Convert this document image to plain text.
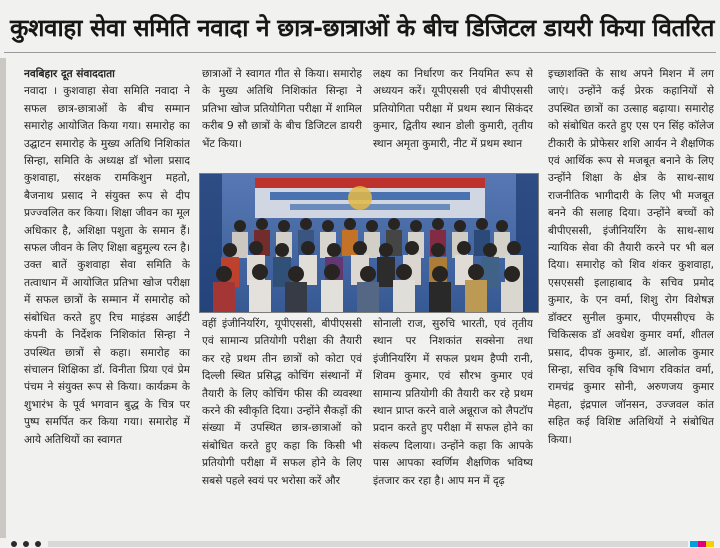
कुशवाहा सेवा समिति नवादा ने छात्र-छात्राओं के बीच डिजिटल डायरी किया वितरित

नवबिहार दूत संवाददाता

नवादा । कुशवाहा सेवा समिति नवादा ने सफल छात्र-छात्राओं के बीच सम्मान समारोह आयोजित किया गया। समारोह का उद्घाटन समारोह के मुख्य अतिथि निशिकांत सिन्हा, समिति के अध्यक्ष डॉ भोला प्रसाद कुशवाहा, संरक्षक रामकिशुन महतो, बैजनाथ प्रसाद ने संयुक्त रूप से दीप प्रज्ज्वलित कर किया। शिक्षा जीवन का मूल अधिकार है, अशिक्षा पशुता के समान हैं। सफल जीवन के लिए शिक्षा बहुमूल्य रत्न है। उक्त बातें कुशवाहा सेवा समिति के तत्वाधान में आयोजित प्रतिभा खोज परीक्षा में सफल छात्रों के सम्मान में समारोह को संबोधित करते हुए रिच माइंडस आईटी कंपनी के निर्देशक निशिकांत सिन्हा ने उपस्थित छात्रों से कहा। समारोह का संचालन शिक्षिका डॉ. विनीता प्रिया एवं प्रेम पंचम ने संयुक्त रूप से किया। कार्यक्रम के शुभारंभ के पूर्व भगवान बुद्ध के चित्र पर पुष्प समर्पित कर किया गया। समारोह में आये अतिथियों का स्वागत

छात्राओं ने स्वागत गीत से किया। समारोह के मुख्य अतिथि निशिकांत सिन्हा ने प्रतिभा खोज प्रतियोगिता परीक्षा में शामिल करीब 9 सौ छात्रों के बीच डिजिटल डायरी भेंट किया।

लक्ष्य का निर्धारण कर नियमित रूप से अध्ययन करें। यूपीएससी एवं बीपीएससी प्रतियोगिता परीक्षा में प्रथम स्थान सिकंदर कुमार, द्वितीय स्थान डोली कुमारी, तृतीय स्थान अमृता कुमारी, नीट में प्रथम स्थान

वहीं इंजीनियरिंग, यूपीएससी, बीपीएससी एवं सामान्य प्रतियोगी परीक्षा की तैयारी कर रहे प्रथम तीन छात्रों को कोटा एवं दिल्ली स्थित प्रसिद्ध कोचिंग संस्थानों में तैयारी के लिए कोचिंग फीस की व्यवस्था करने की स्वीकृति दिया। उन्होंने सैकड़ों की संख्या में उपस्थित छात्र-छात्राओं को संबोधित करते हुए कहा कि किसी भी प्रतियोगी परीक्षा में सफल होने के लिए सबसे पहले स्वयं पर भरोसा करें और

सोनाली राज, सुरुचि भारती, एवं तृतीय स्थान पर निशकांत सक्सेना तथा इंजीनियरिंग में सफल प्रथम हैप्पी रानी, शिवम कुमार, एवं सौरभ कुमार एवं सामान्य प्रतियोगी की तैयारी कर रहे प्रथम स्थान प्राप्त करने वाले अन्नूराज को लैपटॉप प्रदान करते हुए परीक्षा में सफल होने का संकल्प दिलाया। उन्होंने कहा कि आपके पास आपका स्वर्णिम शैक्षणिक भविष्य इंतजार कर रहा है। आप मन में दृढ़

इच्छाशक्ति के साथ अपने मिशन में लग जाएं। उन्होंने कई प्रेरक कहानियों से उपस्थित छात्रों का उत्साह बढ़ाया। समारोह को संबोधित करते हुए एस एन सिंह कॉलेज टीकारी के प्रोफेसर शशि आर्यन ने शैक्षणिक एवं आर्थिक रूप से मजबूत बनाने के लिए उन्होंने शिक्षा के क्षेत्र के साथ-साथ राजनीतिक भागीदारी के लिए भी मजबूत बनने की सलाह दिया। उन्होंने बच्चों को बीपीएससी, इंजीनियरिंग के साथ-साथ न्यायिक सेवा की तैयारी करने पर भी बल दिया। समारोह को शिव शंकर कुशवाहा, एसएससी इलाहाबाद के सचिव प्रमोद कुमार, के एन वर्मा, शिशु रोग विशेषज्ञ डॉक्टर सुनील कुमार, पीएमसीएच के चिकित्सक डॉ अवधेश कुमार वर्मा, शीतल प्रसाद, दीपक कुमार, डॉ. आलोक कुमार सिन्हा, सचिव कृषि विभाग रविकांत वर्मा, रामचंद्र कुमार सोनी, अरुणजय कुमार मेहता, इंद्रपाल जॉनसन, उज्जवल कांत सहित कई विशिष्ट अतिथियों ने संबोधित किया।
